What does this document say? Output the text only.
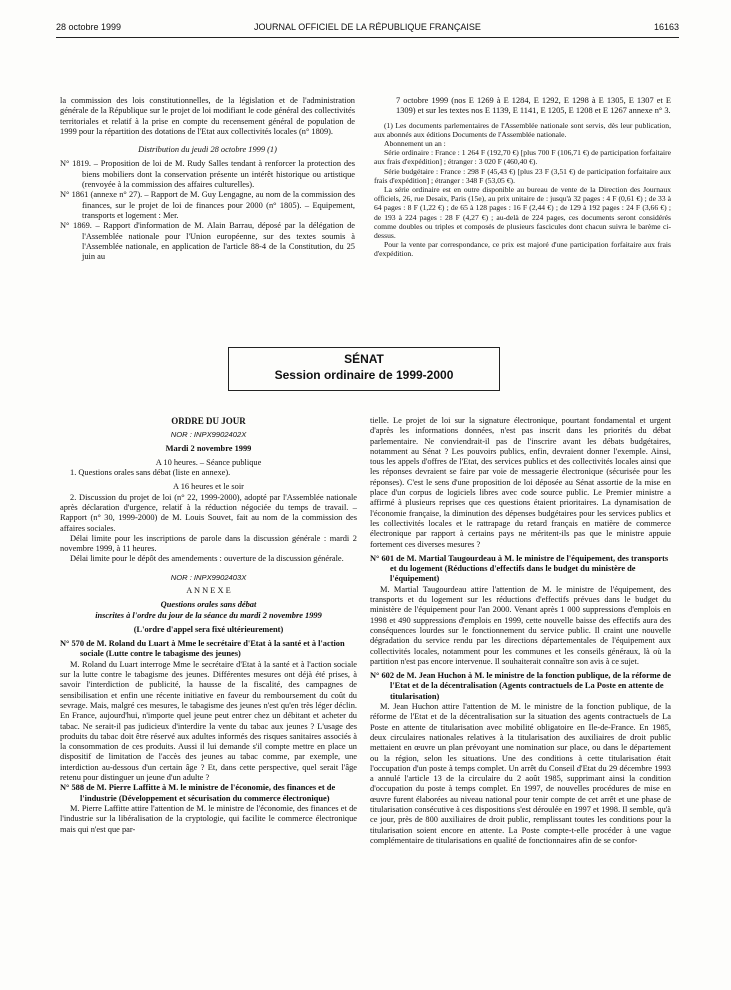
28 octobre 1999	JOURNAL OFFICIEL DE LA RÉPUBLIQUE FRANÇAISE	16163

la commission des lois constitutionnelles, de la législation et de l'administration générale de la République sur le projet de loi modifiant le code général des collectivités territoriales et relatif à la prise en compte du recensement général de population de 1999 pour la répartition des dotations de l'Etat aux collectivités locales (n° 1809).

Distribution du jeudi 28 octobre 1999 (1)

N° 1819. – Proposition de loi de M. Rudy Salles tendant à renforcer la protection des biens mobiliers dont la conservation présente un intérêt historique ou artistique (renvoyée à la commission des affaires culturelles).

N° 1861 (annexe n° 27). – Rapport de M. Guy Lengagne, au nom de la commission des finances, sur le projet de loi de finances pour 2000 (n° 1805). – Equipement, transports et logement : Mer.

N° 1869. – Rapport d'information de M. Alain Barrau, déposé par la délégation de l'Assemblée nationale pour l'Union européenne, sur des textes soumis à l'Assemblée nationale, en application de l'article 88-4 de la Constitution, du 25 juin au

7 octobre 1999 (nos E 1269 à E 1284, E 1292, E 1298 à E 1305, E 1307 et E 1309) et sur les textes nos E 1139, E 1141, E 1205, E 1208 et E 1267 annexe n° 3.

(1) Les documents parlementaires de l'Assemblée nationale sont servis, dès leur publication, aux abonnés aux éditions Documents de l'Assemblée nationale.

Abonnement un an :

Série ordinaire : France : 1 264 F (192,70 €) [plus 700 F (106,71 €) de participation forfaitaire aux frais d'expédition] ; étranger : 3 020 F (460,40 €).

Série budgétaire : France : 298 F (45,43 €) [plus 23 F (3,51 €) de participation forfaitaire aux frais d'expédition] ; étranger : 348 F (53,05 €).

La série ordinaire est en outre disponible au bureau de vente de la Direction des Journaux officiels, 26, rue Desaix, Paris (15e), au prix unitaire de : jusqu'à 32 pages : 4 F (0,61 €) ; de 33 à 64 pages : 8 F (1,22 €) ; de 65 à 128 pages : 16 F (2,44 €) ; de 129 à 192 pages : 24 F (3,66 €) ; de 193 à 224 pages : 28 F (4,27 €) ; au-delà de 224 pages, ces documents seront considérés comme doubles ou triples et composés de plusieurs fascicules dont chacun suivra le barème ci-dessus.

Pour la vente par correspondance, ce prix est majoré d'une participation forfaitaire aux frais d'expédition.

SÉNAT
Session ordinaire de 1999-2000

ORDRE DU JOUR

NOR : INPX9902402X

Mardi 2 novembre 1999

A 10 heures. – Séance publique

1. Questions orales sans débat (liste en annexe).

A 16 heures et le soir

2. Discussion du projet de loi (n° 22, 1999-2000), adopté par l'Assemblée nationale après déclaration d'urgence, relatif à la réduction négociée du temps de travail. – Rapport (n° 30, 1999-2000) de M. Louis Souvet, fait au nom de la commission des affaires sociales.

Délai limite pour les inscriptions de parole dans la discussion générale : mardi 2 novembre 1999, à 11 heures.

Délai limite pour le dépôt des amendements : ouverture de la discussion générale.

NOR : INPX9902403X

A N N E X E

Questions orales sans débat

inscrites à l'ordre du jour de la séance du mardi 2 novembre 1999

(L'ordre d'appel sera fixé ultérieurement)

N° 570 de M. Roland du Luart à Mme le secrétaire d'Etat à la santé et à l'action sociale (Lutte contre le tabagisme des jeunes)

M. Roland du Luart interroge Mme le secrétaire d'Etat à la santé et à l'action sociale sur la lutte contre le tabagisme des jeunes. Différentes mesures ont déjà été prises, à savoir l'interdiction de publicité, la hausse de la fiscalité, des campagnes de sensibilisation et enfin une récente initiative en faveur du remboursement du coût du sevrage. Mais, malgré ces mesures, le tabagisme des jeunes n'est qu'en très léger déclin. En France, aujourd'hui, n'importe quel jeune peut entrer chez un débitant et acheter du tabac. Ne serait-il pas judicieux d'interdire la vente du tabac aux jeunes ? L'usage des produits du tabac doit être réservé aux adultes informés des risques sanitaires associés à la consommation de ces produits. Aussi il lui demande s'il compte mettre en place un dispositif de limitation de l'accès des jeunes au tabac comme, par exemple, une interdiction au-dessous d'un certain âge ? Et, dans cette perspective, quel serait l'âge retenu pour distinguer un jeune d'un adulte ?

N° 588 de M. Pierre Laffitte à M. le ministre de l'économie, des finances et de l'industrie (Développement et sécurisation du commerce électronique)

M. Pierre Laffitte attire l'attention de M. le ministre de l'économie, des finances et de l'industrie sur la libéralisation de la cryptologie, qui facilite le commerce électronique mais qui n'est que par-

tielle. Le projet de loi sur la signature électronique, pourtant fondamental et urgent d'après les informations données, n'est pas inscrit dans les priorités du débat parlementaire. Ne conviendrait-il pas de l'inscrire avant les débats budgétaires, notamment au Sénat ? Les pouvoirs publics, enfin, devraient donner l'exemple. Ainsi, tous les appels d'offres de l'Etat, des services publics et des collectivités locales ainsi que les réponses devraient se faire par voie de messagerie électronique (sécurisée pour les réponses). C'est le sens d'une proposition de loi déposée au Sénat assortie de la mise en place d'un corpus de logiciels libres avec code source public. Le Premier ministre a affirmé à plusieurs reprises que ces questions étaient prioritaires. La dynamisation de l'économie française, la diminution des dépenses budgétaires pour les services publics et les collectivités locales et le rattrapage du retard français en matière de commerce électronique par rapport à certains pays ne méritent-ils pas que le ministre appuie fortement ces diverses mesures ?

N° 601 de M. Martial Taugourdeau à M. le ministre de l'équipement, des transports et du logement (Réductions d'effectifs dans le budget du ministère de l'équipement)

M. Martial Taugourdeau attire l'attention de M. le ministre de l'équipement, des transports et du logement sur les réductions d'effectifs prévues dans le budget du ministère de l'équipement pour l'an 2000. Venant après 1 000 suppressions d'emplois en 1998 et 490 suppressions d'emplois en 1999, cette nouvelle baisse des effectifs aura des conséquences lourdes sur le fonctionnement du service public. Il craint une nouvelle dégradation du service rendu par les directions départementales de l'équipement aux collectivités locales, notamment pour les communes et les conseils généraux, là où la partition n'est pas encore intervenue. Il souhaiterait connaître son avis à ce sujet.

N° 602 de M. Jean Huchon à M. le ministre de la fonction publique, de la réforme de l'Etat et de la décentralisation (Agents contractuels de La Poste en attente de titularisation)

M. Jean Huchon attire l'attention de M. le ministre de la fonction publique, de la réforme de l'Etat et de la décentralisation sur la situation des agents contractuels de La Poste en attente de titularisation avec mobilité obligatoire en Ile-de-France. En 1985, deux circulaires nationales relatives à la titularisation des auxiliaires de droit public mettaient en œuvre un plan prévoyant une nomination sur place, ou dans le département ou la région, selon les situations. Une des conditions à cette titularisation était l'occupation d'un poste à temps complet. Un arrêt du Conseil d'Etat du 29 décembre 1993 a annulé l'article 13 de la circulaire du 2 août 1985, supprimant ainsi la condition d'occupation du poste à temps complet. En 1997, de nouvelles procédures de mise en œuvre furent élaborées au niveau national pour tenir compte de cet arrêt et une phase de titularisation consécutive à ces dispositions s'est déroulée en 1997 et 1998. Il semble, qu'à ce jour, près de 800 auxiliaires de droit public, remplissant toutes les conditions pour la titularisation soient encore en attente. La Poste compte-t-elle procéder à une vague complémentaire de titularisations en qualité de fonctionnaires afin de se confor-
